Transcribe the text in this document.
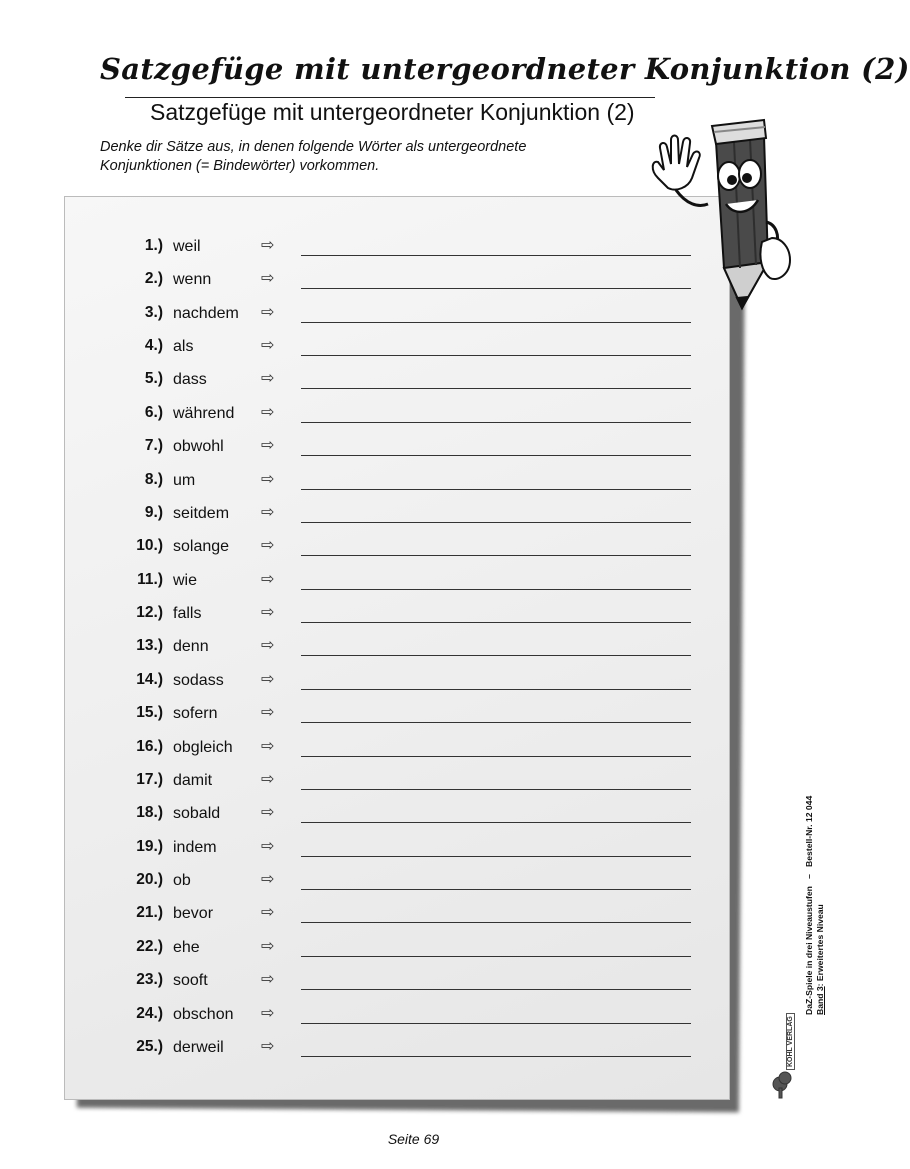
Satzgefüge mit untergeordneter Konjunktion (2)
Satzgefüge mit untergeordneter Konjunktion (2)
Denke dir Sätze aus, in denen folgende Wörter als untergeordnete
Konjunktionen (= Bindewörter) vorkommen.
1.) weil	⇨
2.) wenn	⇨
3.) nachdem ⇨
4.) als	⇨
5.) dass	⇨
6.) während ⇨
7.) obwohl ⇨
8.) um	⇨
9.) seitdem ⇨
10.) solange ⇨
11.) wie	⇨
12.) falls	⇨
13.) denn	⇨
14.) sodass ⇨
15.) sofern	⇨
16.) obgleich ⇨
17.) damit	⇨
18.) sobald	⇨
19.) indem	⇨
20.) ob	⇨
21.) bevor	⇨
22.) ehe	⇨
23.) sooft	⇨
24.) obschon ⇨
25.) derweil ⇨
DaZ-Spiele in drei Niveaustufen   –   Bestell-Nr. 12 044
Band 3: Erweitertes Niveau
KOHL VERLAG
Seite 69
